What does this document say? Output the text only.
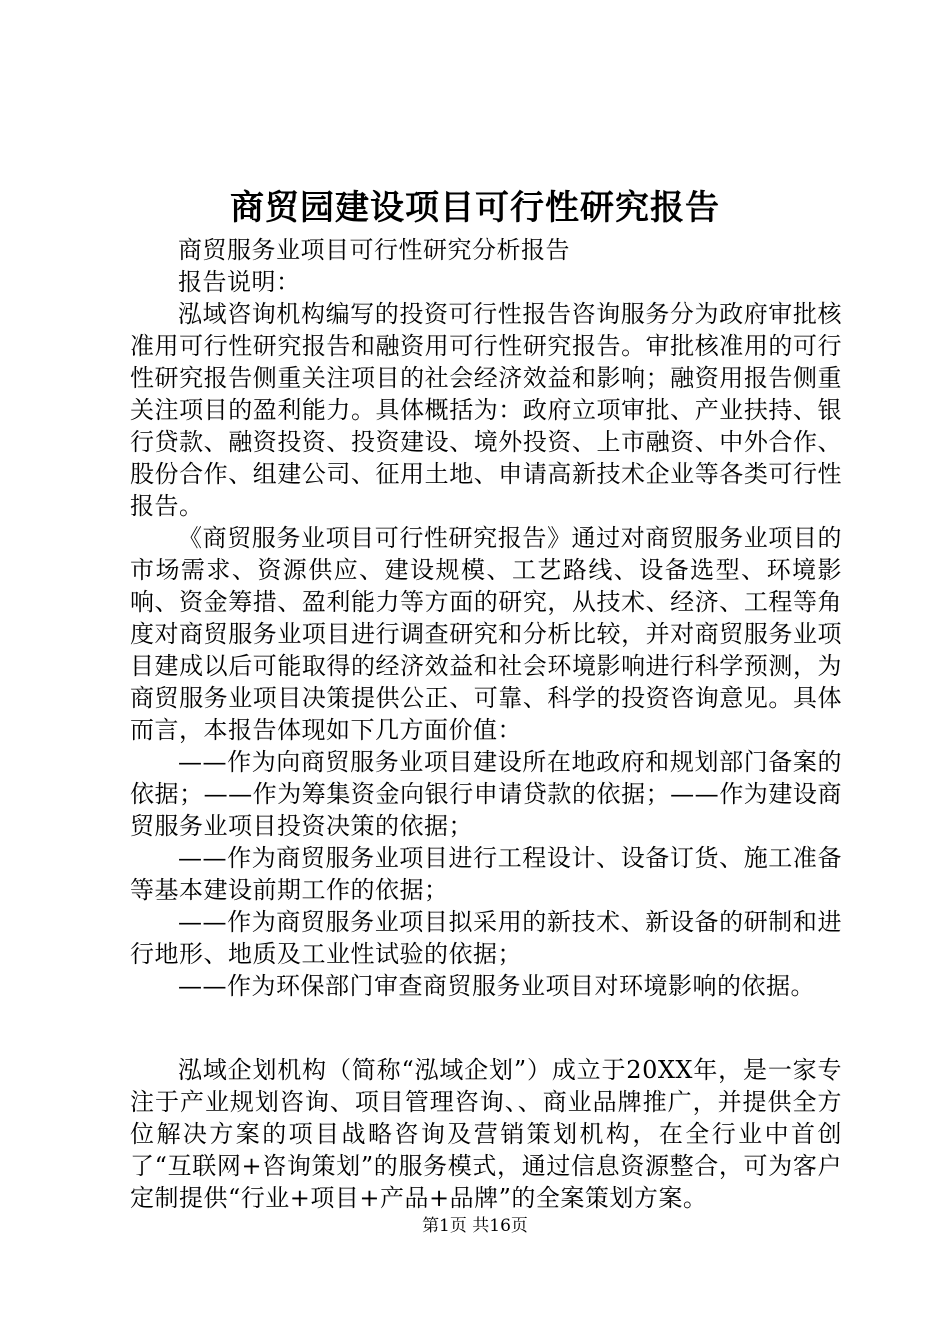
商贸园建设项目可行性研究报告

商贸服务业项目可行性研究分析报告

报告说明：

泓域咨询机构编写的投资可行性报告咨询服务分为政府审批核准用可行性研究报告和融资用可行性研究报告。审批核准用的可行性研究报告侧重关注项目的社会经济效益和影响；融资用报告侧重关注项目的盈利能力。具体概括为：政府立项审批、产业扶持、银行贷款、融资投资、投资建设、境外投资、上市融资、中外合作、股份合作、组建公司、征用土地、申请高新技术企业等各类可行性报告。

《商贸服务业项目可行性研究报告》通过对商贸服务业项目的市场需求、资源供应、建设规模、工艺路线、设备选型、环境影响、资金筹措、盈利能力等方面的研究，从技术、经济、工程等角度对商贸服务业项目进行调查研究和分析比较，并对商贸服务业项目建成以后可能取得的经济效益和社会环境影响进行科学预测，为商贸服务业项目决策提供公正、可靠、科学的投资咨询意见。具体而言，本报告体现如下几方面价值：

——作为向商贸服务业项目建设所在地政府和规划部门备案的依据；——作为筹集资金向银行申请贷款的依据；——作为建设商贸服务业项目投资决策的依据；

——作为商贸服务业项目进行工程设计、设备订货、施工准备等基本建设前期工作的依据；

——作为商贸服务业项目拟采用的新技术、新设备的研制和进行地形、地质及工业性试验的依据；

——作为环保部门审查商贸服务业项目对环境影响的依据。

泓域企划机构（简称“泓域企划”）成立于20XX年，是一家专注于产业规划咨询、项目管理咨询、、商业品牌推广，并提供全方位解决方案的项目战略咨询及营销策划机构，在全行业中首创了“互联网+咨询策划”的服务模式，通过信息资源整合，可为客户定制提供“行业+项目+产品+品牌”的全案策划方案。

第1页 共16页
